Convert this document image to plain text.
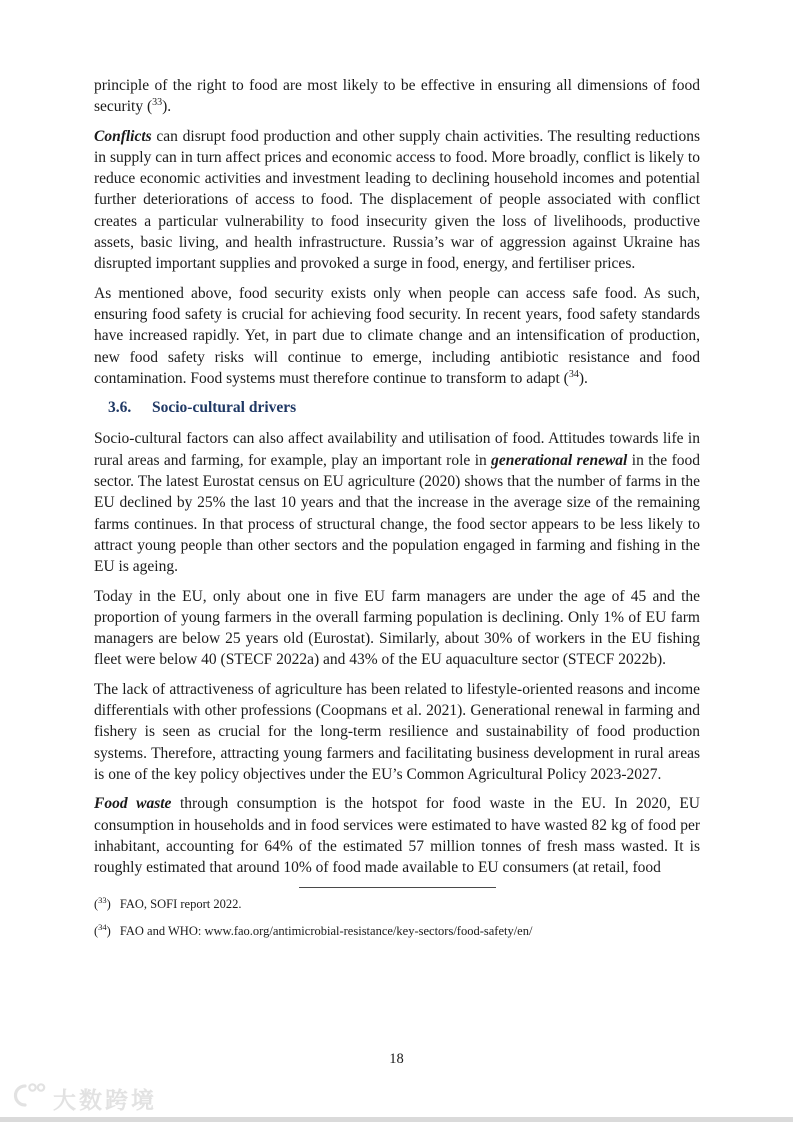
principle of the right to food are most likely to be effective in ensuring all dimensions of food security ($^{33}$).

Conflicts can disrupt food production and other supply chain activities. The resulting reductions in supply can in turn affect prices and economic access to food. More broadly, conflict is likely to reduce economic activities and investment leading to declining household incomes and potential further deteriorations of access to food. The displacement of people associated with conflict creates a particular vulnerability to food insecurity given the loss of livelihoods, productive assets, basic living, and health infrastructure. Russia’s war of aggression against Ukraine has disrupted important supplies and provoked a surge in food, energy, and fertiliser prices.

As mentioned above, food security exists only when people can access safe food. As such, ensuring food safety is crucial for achieving food security. In recent years, food safety standards have increased rapidly. Yet, in part due to climate change and an intensification of production, new food safety risks will continue to emerge, including antibiotic resistance and food contamination. Food systems must therefore continue to transform to adapt ($^{34}$).

3.6. Socio-cultural drivers

Socio-cultural factors can also affect availability and utilisation of food. Attitudes towards life in rural areas and farming, for example, play an important role in generational renewal in the food sector. The latest Eurostat census on EU agriculture (2020) shows that the number of farms in the EU declined by 25% the last 10 years and that the increase in the average size of the remaining farms continues. In that process of structural change, the food sector appears to be less likely to attract young people than other sectors and the population engaged in farming and fishing in the EU is ageing.

Today in the EU, only about one in five EU farm managers are under the age of 45 and the proportion of young farmers in the overall farming population is declining. Only 1% of EU farm managers are below 25 years old (Eurostat). Similarly, about 30% of workers in the EU fishing fleet were below 40 (STECF 2022a) and 43% of the EU aquaculture sector (STECF 2022b).

The lack of attractiveness of agriculture has been related to lifestyle-oriented reasons and income differentials with other professions (Coopmans et al. 2021). Generational renewal in farming and fishery is seen as crucial for the long-term resilience and sustainability of food production systems. Therefore, attracting young farmers and facilitating business development in rural areas is one of the key policy objectives under the EU’s Common Agricultural Policy 2023-2027.

Food waste through consumption is the hotspot for food waste in the EU. In 2020, EU consumption in households and in food services were estimated to have wasted 82 kg of food per inhabitant, accounting for 64% of the estimated 57 million tonnes of fresh mass wasted. It is roughly estimated that around 10% of food made available to EU consumers (at retail, food

($^{33}$) FAO, SOFI report 2022.
($^{34}$) FAO and WHO: www.fao.org/antimicrobial-resistance/key-sectors/food-safety/en/
18
大数跨境
